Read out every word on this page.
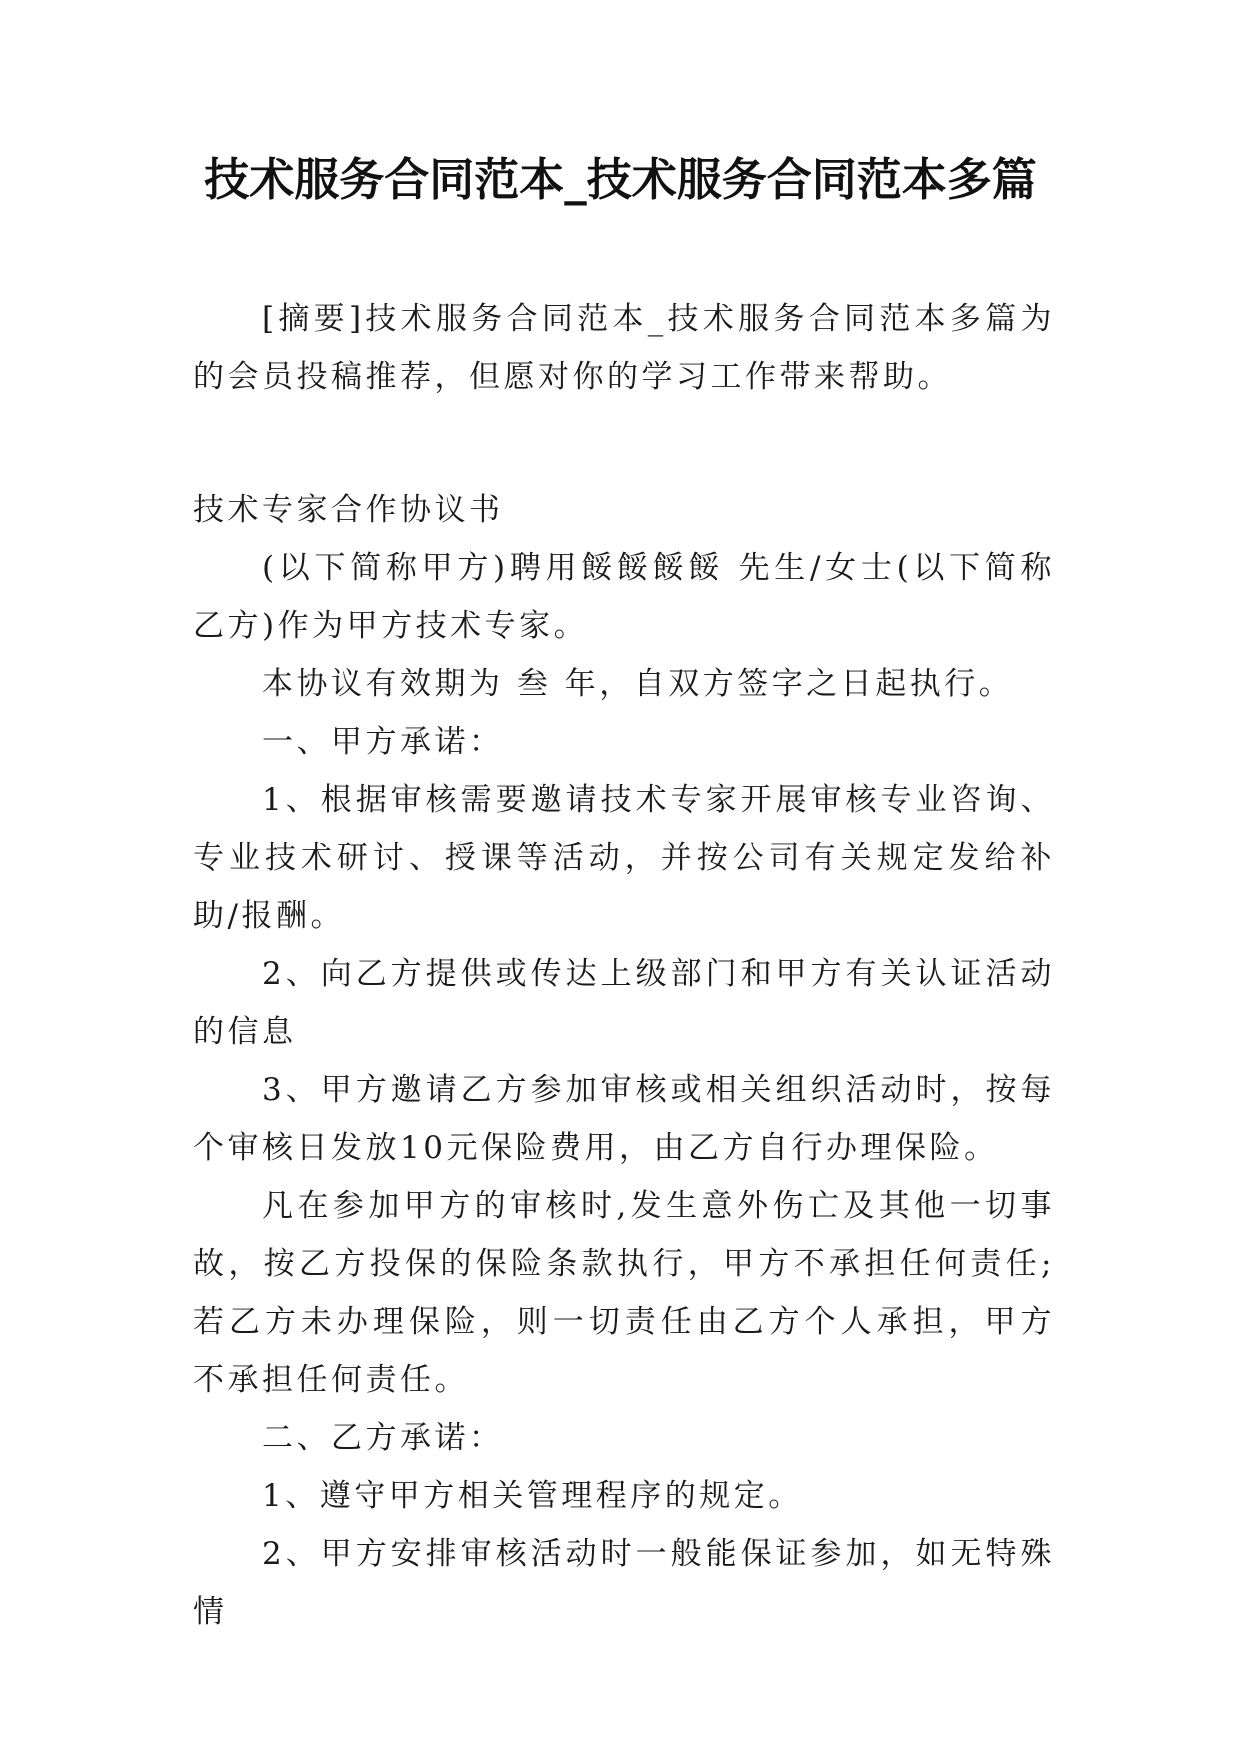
技术服务合同范本_技术服务合同范本多篇

[摘要]技术服务合同范本_技术服务合同范本多篇为的会员投稿推荐，但愿对你的学习工作带来帮助。

技术专家合作协议书

(以下简称甲方)聘用餒餒餒餒 先生/女士(以下简称乙方)作为甲方技术专家。

本协议有效期为 叁 年，自双方签字之日起执行。

一、甲方承诺：

1、根据审核需要邀请技术专家开展审核专业咨询、专业技术研讨、授课等活动，并按公司有关规定发给补助/报酬。

2、向乙方提供或传达上级部门和甲方有关认证活动的信息

3、甲方邀请乙方参加审核或相关组织活动时，按每个审核日发放10元保险费用，由乙方自行办理保险。

凡在参加甲方的审核时,发生意外伤亡及其他一切事故，按乙方投保的保险条款执行，甲方不承担任何责任;若乙方未办理保险，则一切责任由乙方个人承担，甲方不承担任何责任。

二、乙方承诺：

1、遵守甲方相关管理程序的规定。

2、甲方安排审核活动时一般能保证参加，如无特殊情
